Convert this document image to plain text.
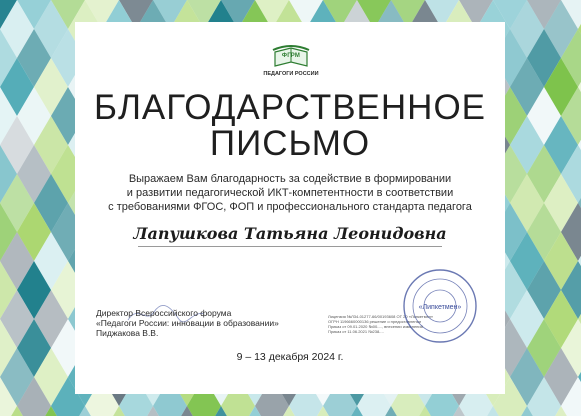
ФГРМ
ПЕДАГОГИ РОССИИ
БЛАГОДАРСТВЕННОЕ
ПИСЬМО
Выражаем Вам благодарность за содействие в формировании
и развитии педагогической ИКТ-компетентности в соответствии
с требованиями ФГОС, ФОП и профессионального стандарта педагога
Лапушкова Татьяна Леонидовна
Директор Всероссийского форума
«Педагоги России: инновации в образовании»
Пиджакова В.В.
Лицензия №Л34-01277-66/00193608 ОТ 20 «Липкетмен»
ОГРН 1196660000136 решение о предоставлении
Приказ от 09.01.2020 №00-..., внесении изменений
Приказ от 11.06.2021 №238-...
«Липкетмен»
9 – 13 декабря 2024 г.
